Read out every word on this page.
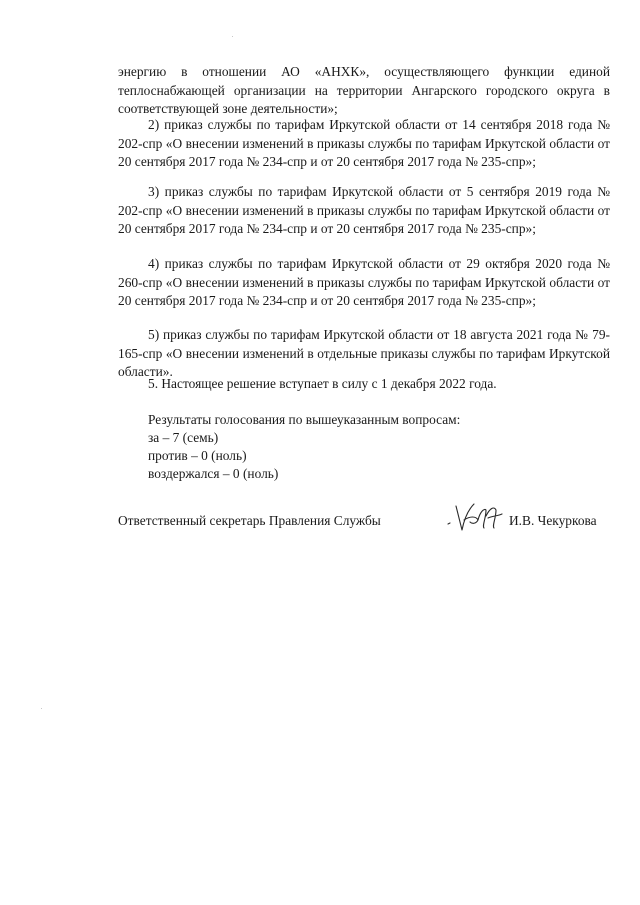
энергию в отношении АО «АНХК», осуществляющего функции единой теплоснабжающей организации на территории Ангарского городского округа в соответствующей зоне деятельности»;

2) приказ службы по тарифам Иркутской области от 14 сентября 2018 года № 202-спр «О внесении изменений в приказы службы по тарифам Иркутской области от 20 сентября 2017 года № 234-спр и от 20 сентября 2017 года № 235-спр»;

3) приказ службы по тарифам Иркутской области от 5 сентября 2019 года № 202-спр «О внесении изменений в приказы службы по тарифам Иркутской области от 20 сентября 2017 года № 234-спр и от 20 сентября 2017 года № 235-спр»;

4) приказ службы по тарифам Иркутской области от 29 октября 2020 года № 260-спр «О внесении изменений в приказы службы по тарифам Иркутской области от 20 сентября 2017 года № 234-спр и от 20 сентября 2017 года № 235-спр»;

5) приказ службы по тарифам Иркутской области от 18 августа 2021 года № 79-165-спр «О внесении изменений в отдельные приказы службы по тарифам Иркутской области».

5. Настоящее решение вступает в силу с 1 декабря 2022 года.

Результаты голосования по вышеуказанным вопросам:

за – 7 (семь)

против – 0 (ноль)

воздержался – 0 (ноль)

Ответственный секретарь Правления Службы	И.В. Чекуркова
